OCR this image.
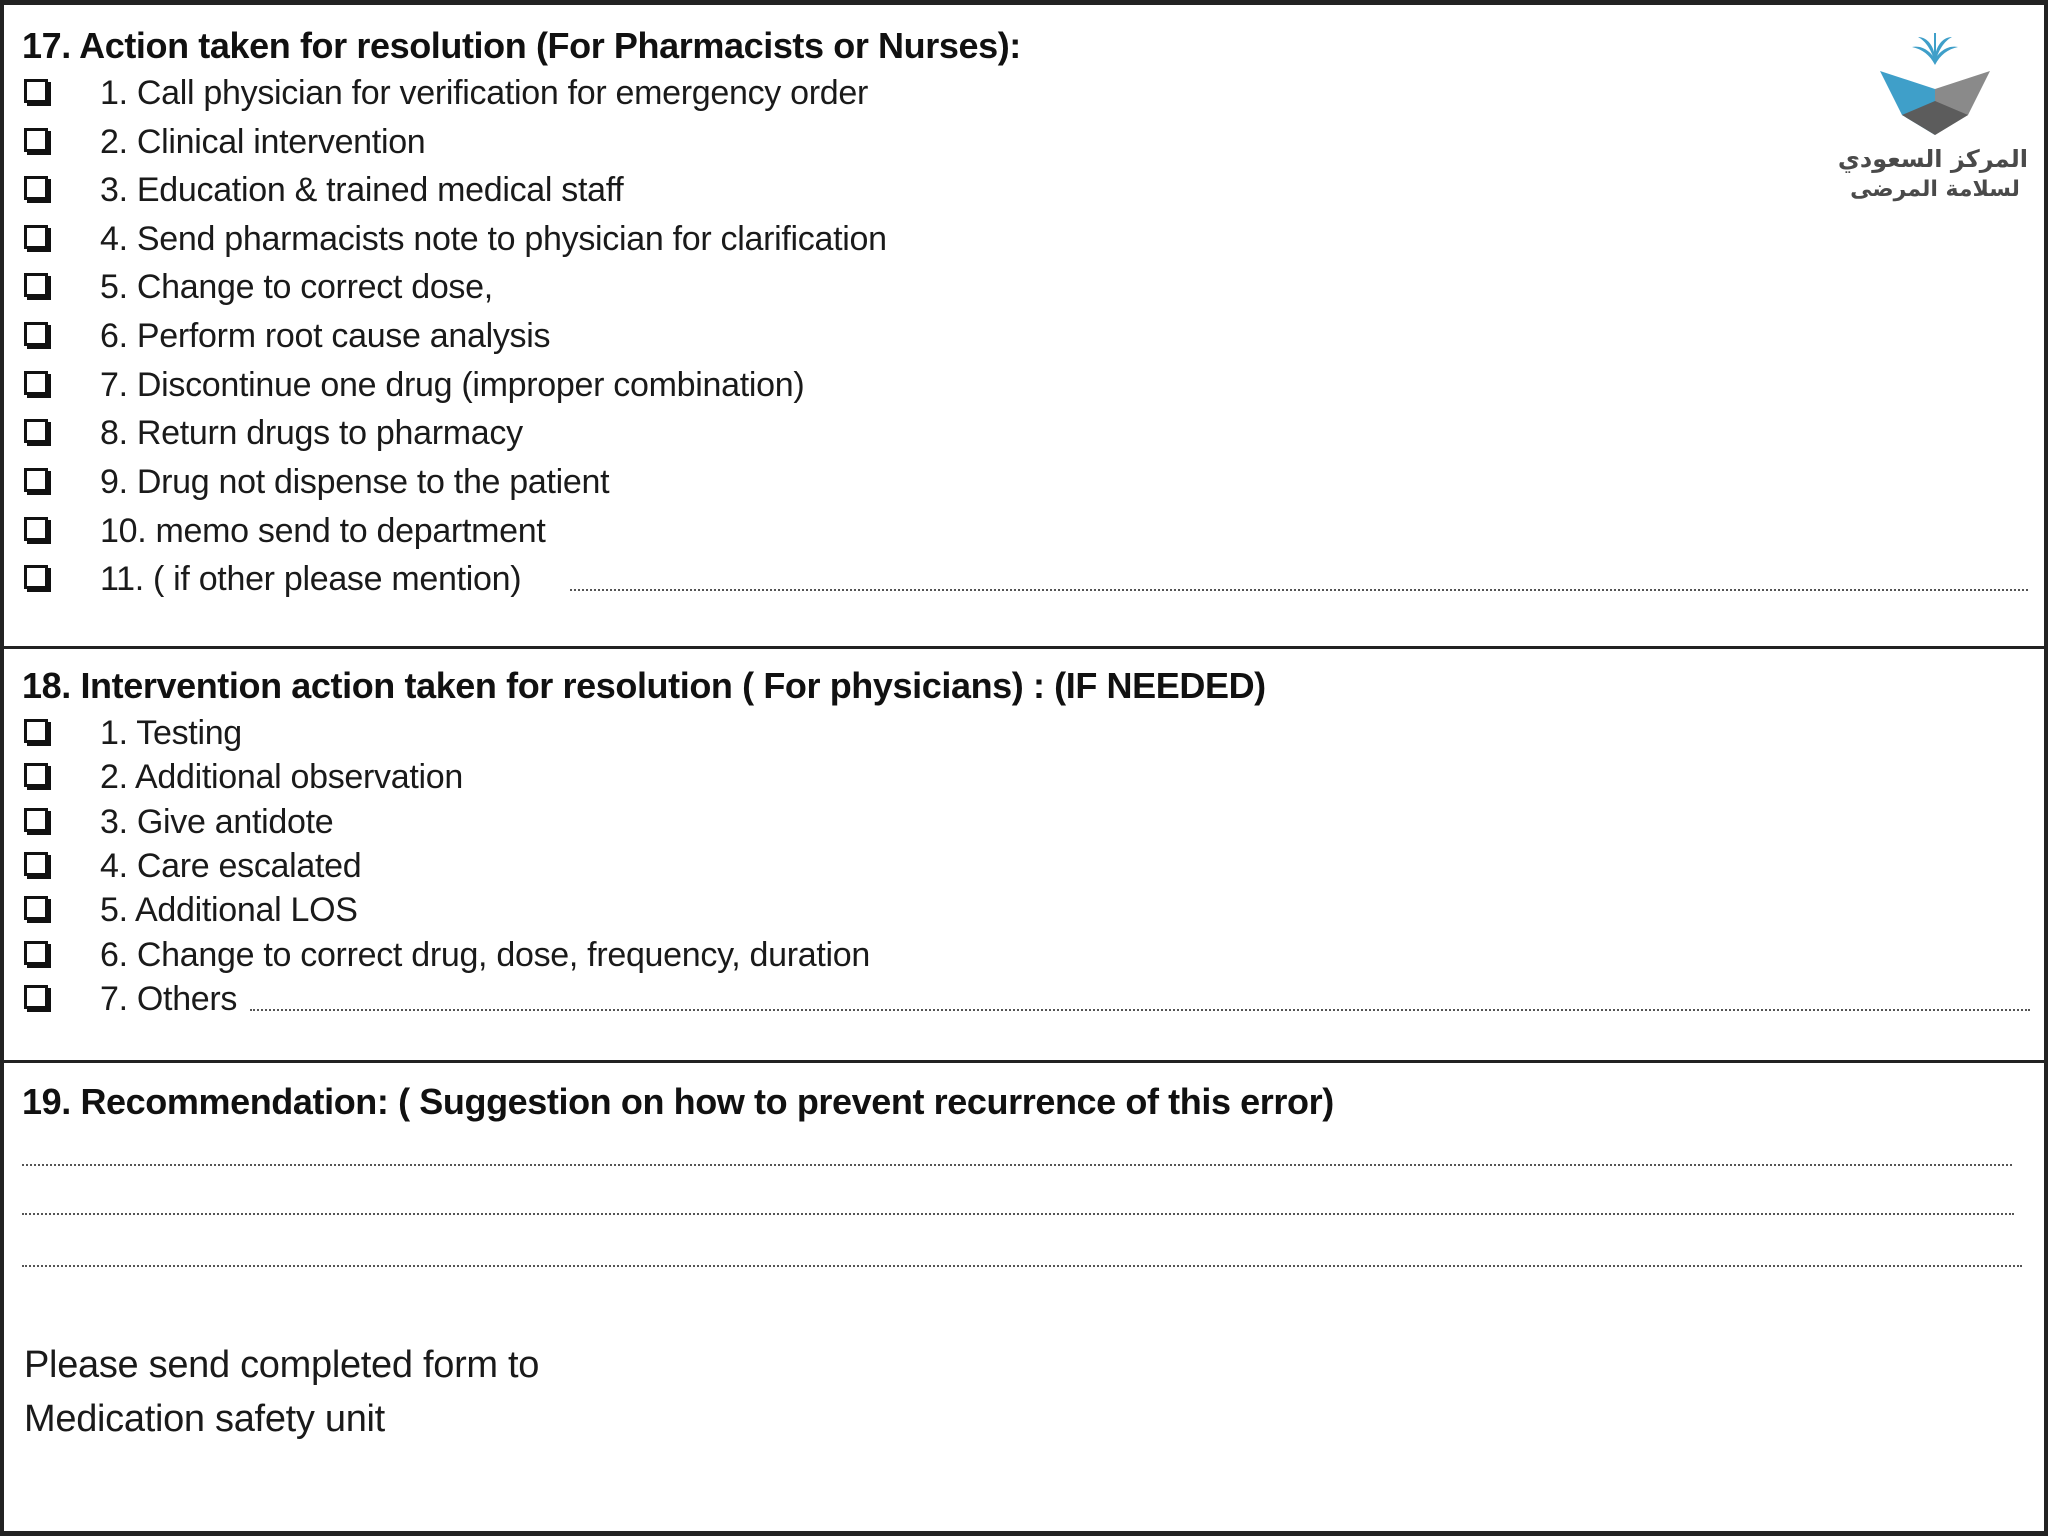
17. Action taken for resolution (For Pharmacists or Nurses):
المركز السعودي
لسلامة المرضى
1. Call physician for verification for emergency order
2. Clinical intervention
3. Education & trained medical staff
4. Send pharmacists note to physician for clarification
5. Change to correct dose,
6. Perform root cause analysis
7. Discontinue one drug (improper combination)
8. Return drugs to pharmacy
9. Drug not dispense to the patient
10. memo send to department
11. ( if other please mention)
18. Intervention action taken for resolution ( For physicians) : (IF NEEDED)
1. Testing
2. Additional observation
3. Give antidote
4. Care escalated
5. Additional LOS
6. Change to correct drug, dose, frequency, duration
7. Others
19. Recommendation: ( Suggestion on how to prevent recurrence of this error)
Please send completed form to
Medication safety unit
